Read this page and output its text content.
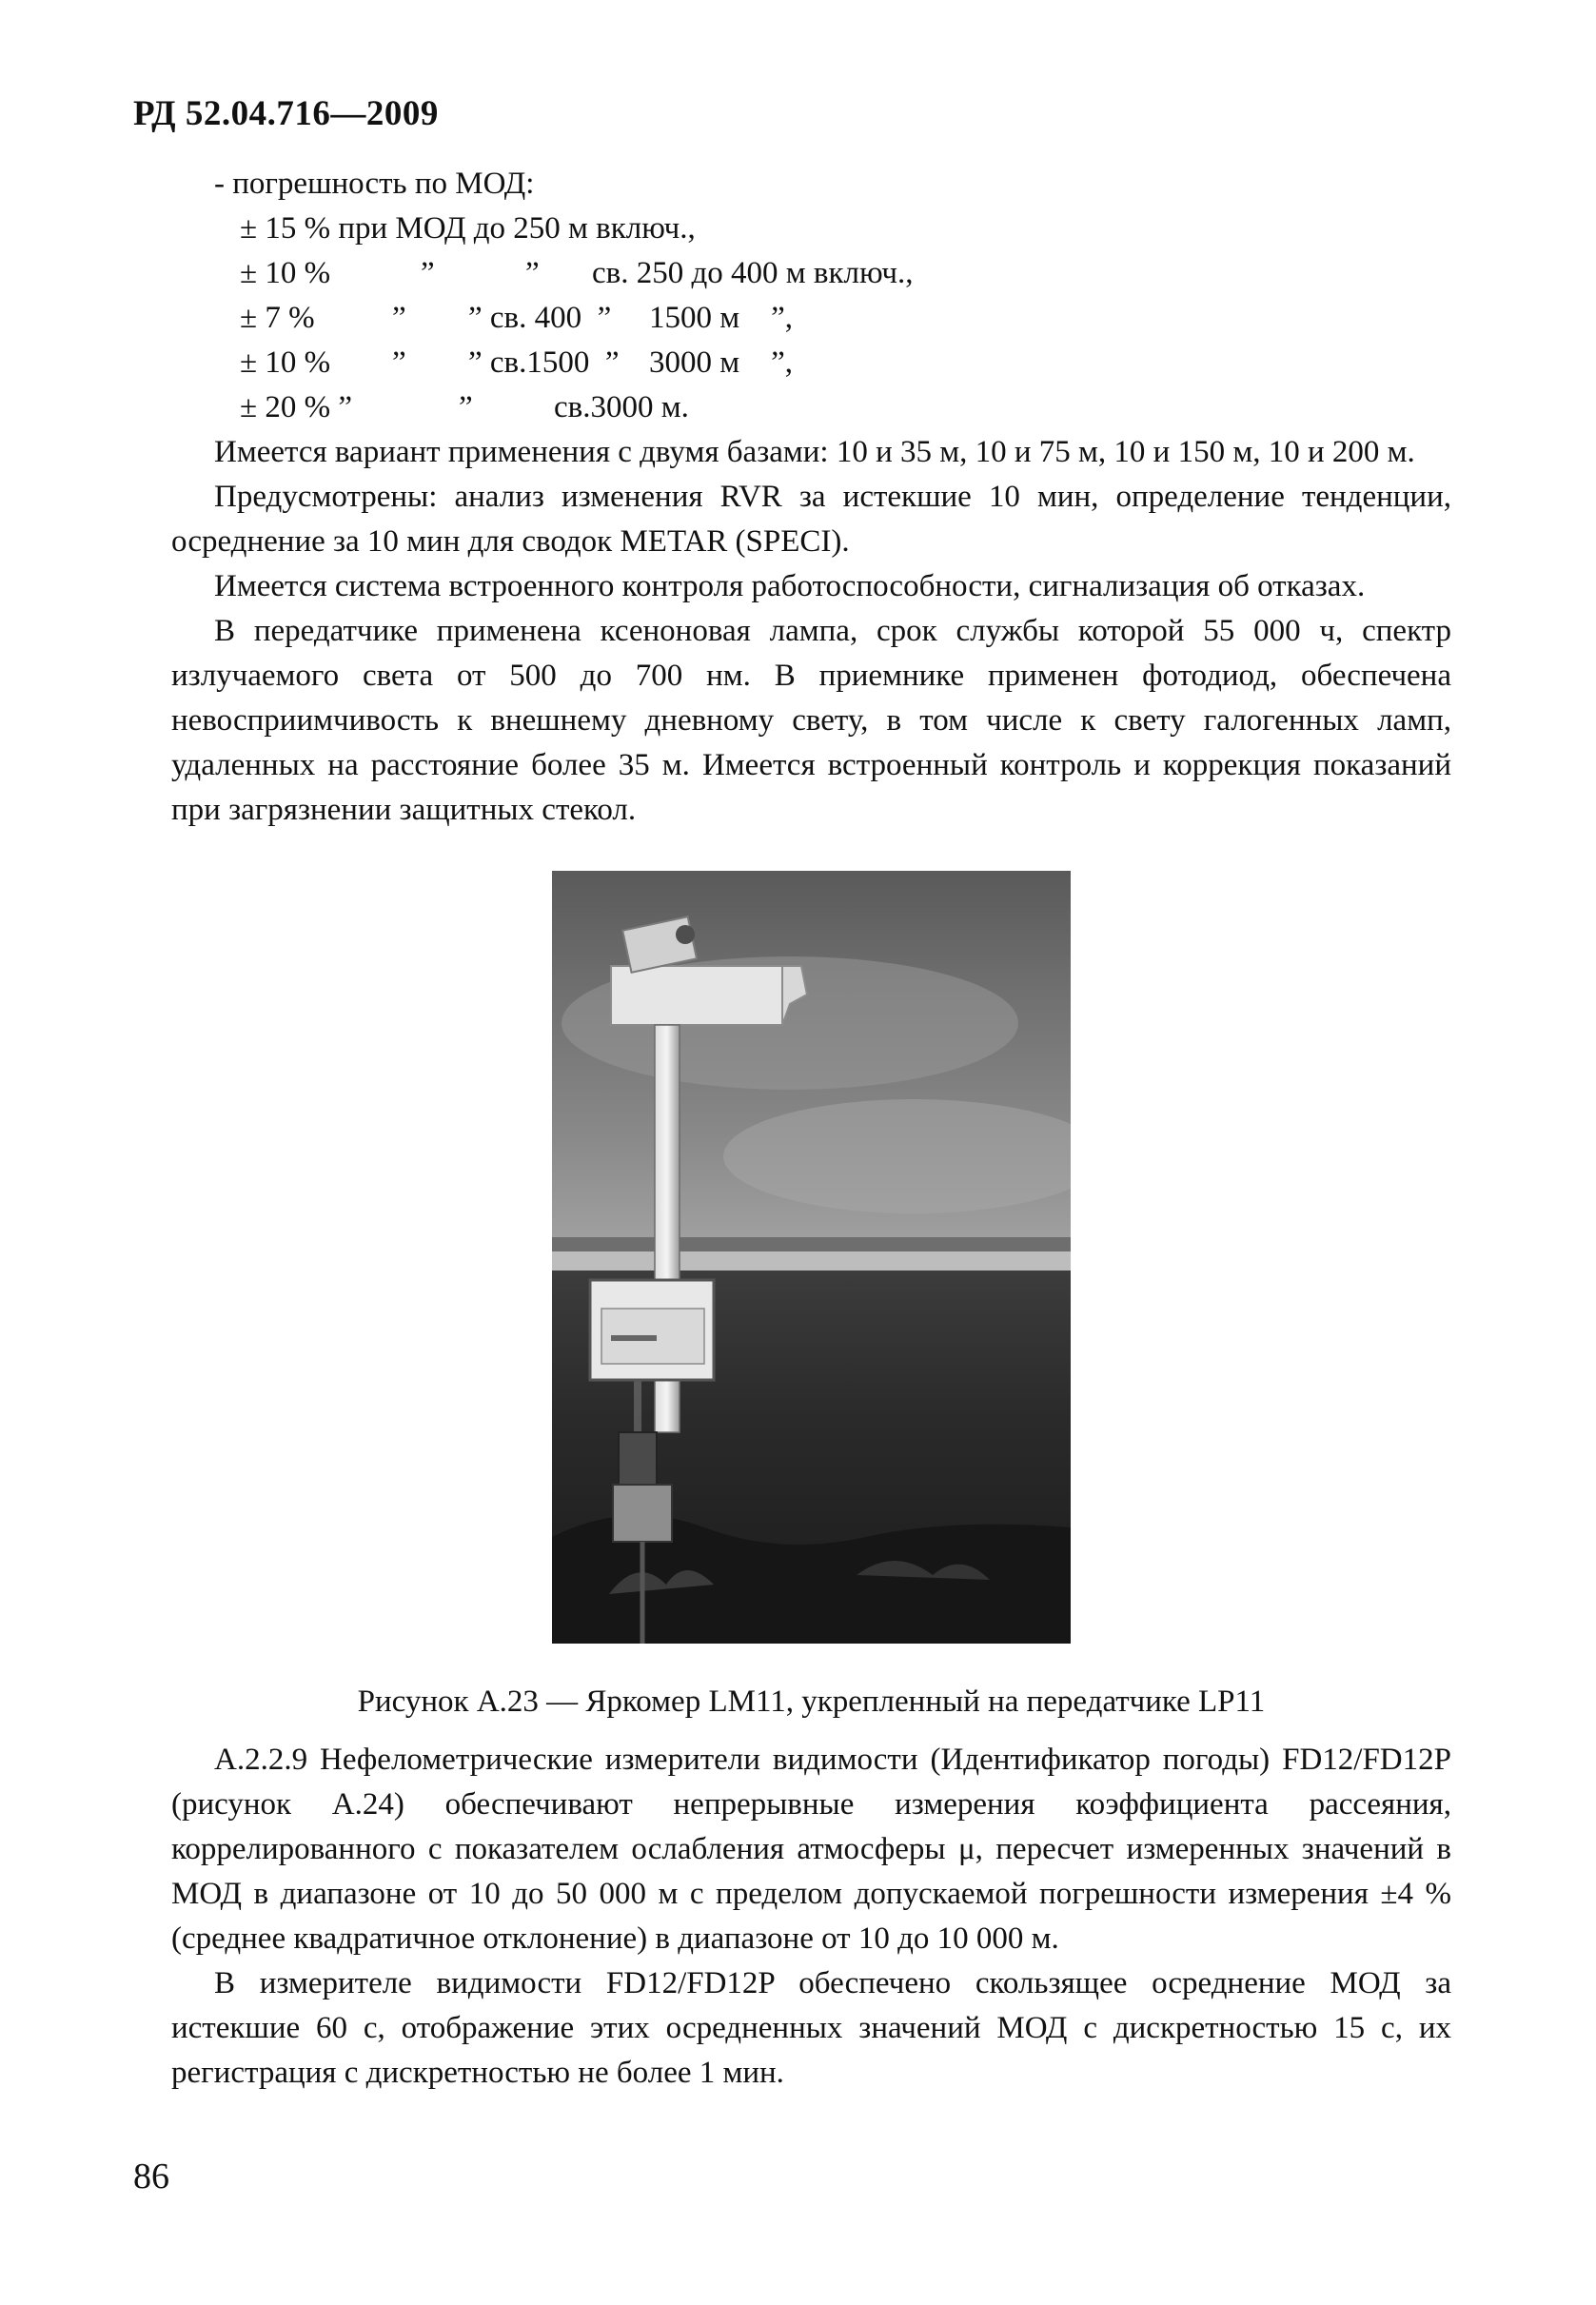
РД 52.04.716—2009
- погрешность по МОД:
± 15 % при МОД до 250 м включ.,
± 10 %	”	”	св. 250 до 400 м включ.,
± 7 %	”	” св. 400  ”	1500 м    ”,
± 10 %	”	” св.1500  ” 3000 м    ”,
± 20 % ”	”	св.3000 м.

Имеется вариант применения с двумя базами: 10 и 35 м, 10 и 75 м, 10 и 150 м, 10 и 200 м.

Предусмотрены: анализ изменения RVR за истекшие 10 мин, определение тенденции, осреднение за 10 мин для сводок METAR (SPECI).

Имеется система встроенного контроля работоспособности, сигнализация об отказах.

В передатчике применена ксеноновая лампа, срок службы которой 55 000 ч, спектр излучаемого света от 500 до 700 нм. В приемнике применен фотодиод, обеспечена невосприимчивость к внешнему дневному свету, в том числе к свету галогенных ламп, удаленных на расстояние более 35 м. Имеется встроенный контроль и коррекция показаний при загрязнении защитных стекол.

Рисунок А.23 — Яркомер LM11, укрепленный на передатчике LP11

А.2.2.9 Нефелометрические измерители видимости (Идентификатор погоды) FD12/FD12P (рисунок А.24) обеспечивают непрерывные измерения коэффициента рассеяния, коррелированного с показателем ослабления атмосферы μ, пересчет измеренных значений в МОД в диапазоне от 10 до 50 000 м с пределом допускаемой погрешности измерения ±4 % (среднее квадратичное отклонение) в диапазоне от 10 до 10 000 м.

В измерителе видимости FD12/FD12P обеспечено скользящее осреднение МОД за истекшие 60 с, отображение этих осредненных значений МОД с дискретностью 15 с, их регистрация с дискретностью не более 1 мин.

86
